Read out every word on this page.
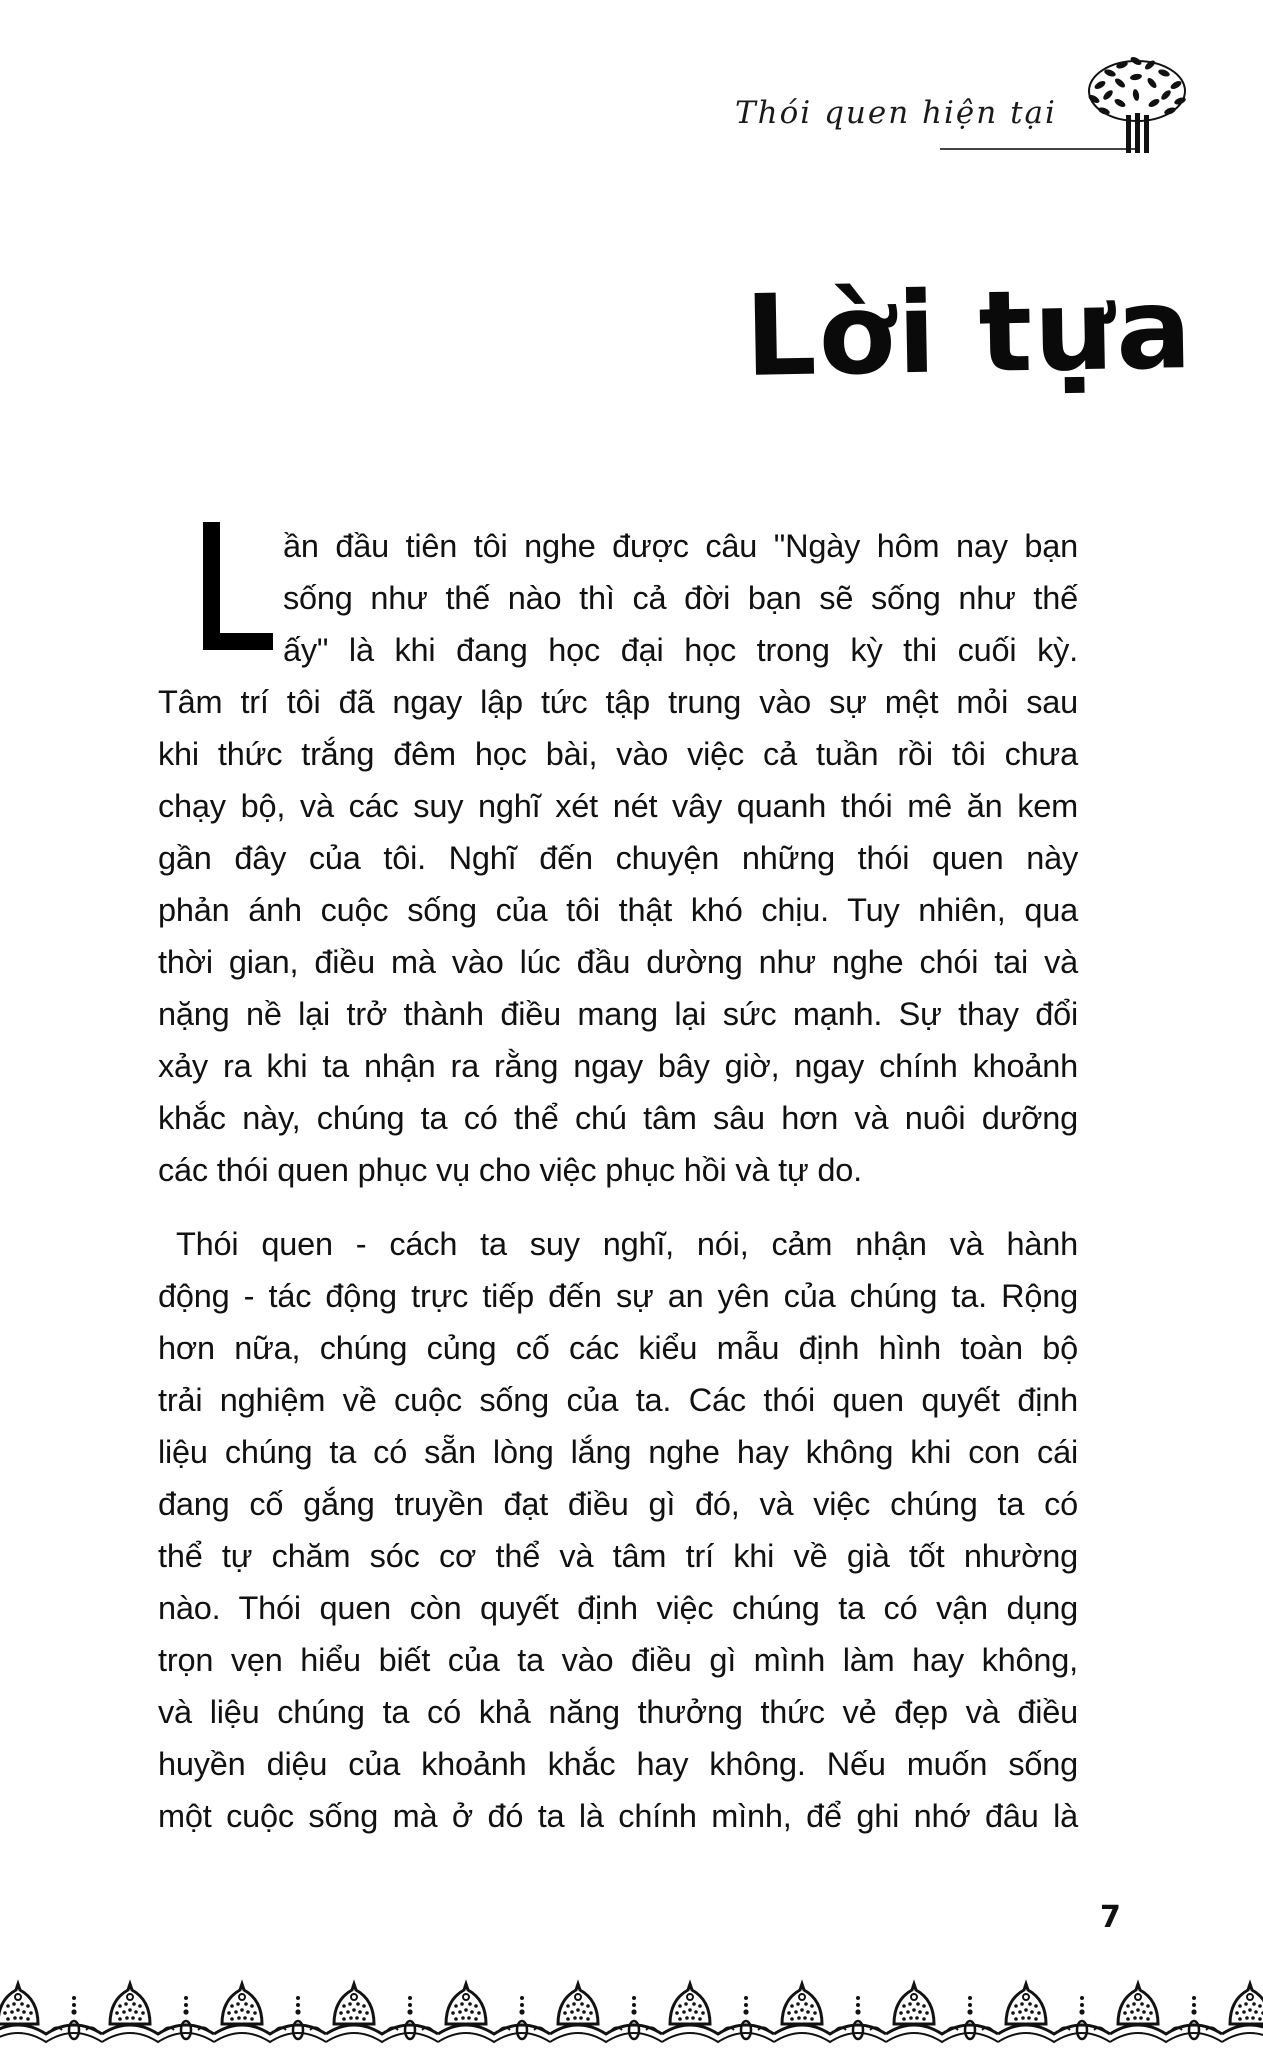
Thói quen hiện tại
Lời tựa
ần đầu tiên tôi nghe được câu "Ngày hôm nay bạn
sống như thế nào thì cả đời bạn sẽ sống như thế
ấy" là khi đang học đại học trong kỳ thi cuối kỳ.
Tâm trí tôi đã ngay lập tức tập trung vào sự mệt mỏi sau
khi thức trắng đêm học bài, vào việc cả tuần rồi tôi chưa
chạy bộ, và các suy nghĩ xét nét vây quanh thói mê ăn kem
gần đây của tôi. Nghĩ đến chuyện những thói quen này
phản ánh cuộc sống của tôi thật khó chịu. Tuy nhiên, qua
thời gian, điều mà vào lúc đầu dường như nghe chói tai và
nặng nề lại trở thành điều mang lại sức mạnh. Sự thay đổi
xảy ra khi ta nhận ra rằng ngay bây giờ, ngay chính khoảnh
khắc này, chúng ta có thể chú tâm sâu hơn và nuôi dưỡng
các thói quen phục vụ cho việc phục hồi và tự do.
Thói quen - cách ta suy nghĩ, nói, cảm nhận và hành
động - tác động trực tiếp đến sự an yên của chúng ta. Rộng
hơn nữa, chúng củng cố các kiểu mẫu định hình toàn bộ
trải nghiệm về cuộc sống của ta. Các thói quen quyết định
liệu chúng ta có sẵn lòng lắng nghe hay không khi con cái
đang cố gắng truyền đạt điều gì đó, và việc chúng ta có
thể tự chăm sóc cơ thể và tâm trí khi về già tốt nhường
nào. Thói quen còn quyết định việc chúng ta có vận dụng
trọn vẹn hiểu biết của ta vào điều gì mình làm hay không,
và liệu chúng ta có khả năng thưởng thức vẻ đẹp và điều
huyền diệu của khoảnh khắc hay không. Nếu muốn sống
một cuộc sống mà ở đó ta là chính mình, để ghi nhớ đâu là
7
